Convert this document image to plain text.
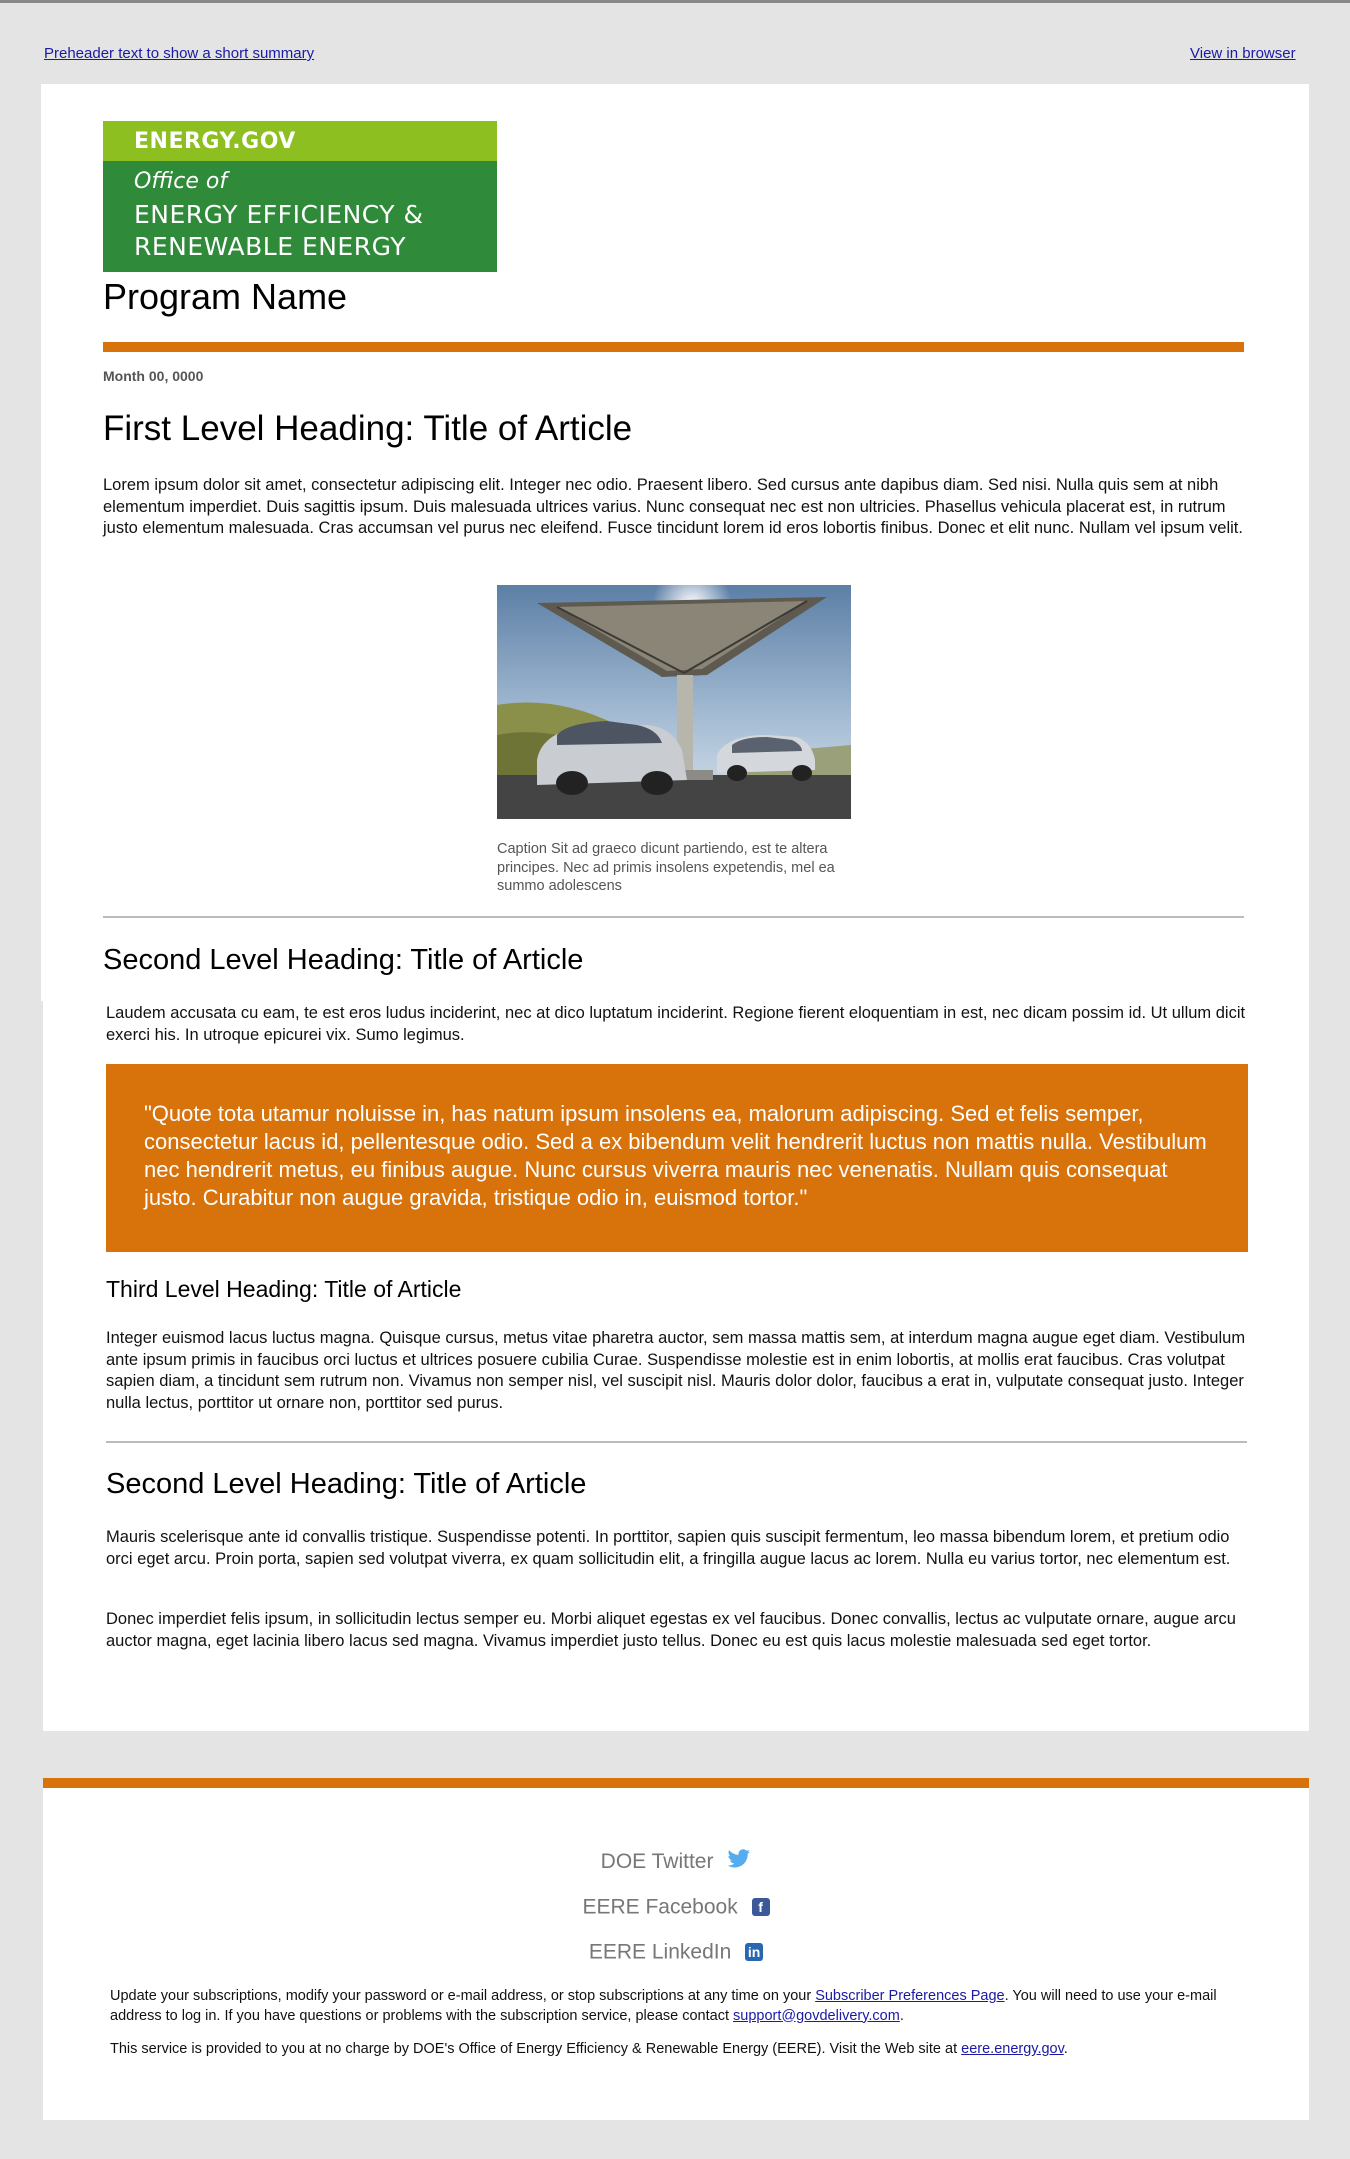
Preheader text to show a short summary	View in browser
ENERGY.GOV
Office of
ENERGY EFFICIENCY &
RENEWABLE ENERGY
Program Name
Month 00, 0000
First Level Heading: Title of Article
Lorem ipsum dolor sit amet, consectetur adipiscing elit. Integer nec odio. Praesent libero. Sed cursus ante dapibus diam. Sed nisi. Nulla quis sem at nibh elementum imperdiet. Duis sagittis ipsum. Duis malesuada ultrices varius. Nunc consequat nec est non ultricies. Phasellus vehicula placerat est, in rutrum justo elementum malesuada. Cras accumsan vel purus nec eleifend. Fusce tincidunt lorem id eros lobortis finibus. Donec et elit nunc. Nullam vel ipsum velit.
Caption Sit ad graeco dicunt partiendo, est te altera principes. Nec ad primis insolens expetendis, mel ea summo adolescens
Second Level Heading: Title of Article
Laudem accusata cu eam, te est eros ludus inciderint, nec at dico luptatum inciderint. Regione fierent eloquentiam in est, nec dicam possim id. Ut ullum dicit exerci his. In utroque epicurei vix. Sumo legimus.
"Quote tota utamur noluisse in, has natum ipsum insolens ea, malorum adipiscing. Sed et felis semper, consectetur lacus id, pellentesque odio. Sed a ex bibendum velit hendrerit luctus non mattis nulla. Vestibulum nec hendrerit metus, eu finibus augue. Nunc cursus viverra mauris nec venenatis. Nullam quis consequat justo. Curabitur non augue gravida, tristique odio in, euismod tortor."
Third Level Heading: Title of Article
Integer euismod lacus luctus magna. Quisque cursus, metus vitae pharetra auctor, sem massa mattis sem, at interdum magna augue eget diam. Vestibulum ante ipsum primis in faucibus orci luctus et ultrices posuere cubilia Curae. Suspendisse molestie est in enim lobortis, at mollis erat faucibus. Cras volutpat sapien diam, a tincidunt sem rutrum non. Vivamus non semper nisl, vel suscipit nisl. Mauris dolor dolor, faucibus a erat in, vulputate consequat justo. Integer nulla lectus, porttitor ut ornare non, porttitor sed purus.
Second Level Heading: Title of Article
Mauris scelerisque ante id convallis tristique. Suspendisse potenti. In porttitor, sapien quis suscipit fermentum, leo massa bibendum lorem, et pretium odio orci eget arcu. Proin porta, sapien sed volutpat viverra, ex quam sollicitudin elit, a fringilla augue lacus ac lorem. Nulla eu varius tortor, nec elementum est.
Donec imperdiet felis ipsum, in sollicitudin lectus semper eu. Morbi aliquet egestas ex vel faucibus. Donec convallis, lectus ac vulputate ornare, augue arcu auctor magna, eget lacinia libero lacus sed magna. Vivamus imperdiet justo tellus. Donec eu est quis lacus molestie malesuada sed eget tortor.
DOE Twitter
EERE Facebook f
EERE LinkedIn in
Update your subscriptions, modify your password or e-mail address, or stop subscriptions at any time on your Subscriber Preferences Page. You will need to use your e-mail address to log in. If you have questions or problems with the subscription service, please contact support@govdelivery.com.
This service is provided to you at no charge by DOE's Office of Energy Efficiency & Renewable Energy (EERE). Visit the Web site at eere.energy.gov.
